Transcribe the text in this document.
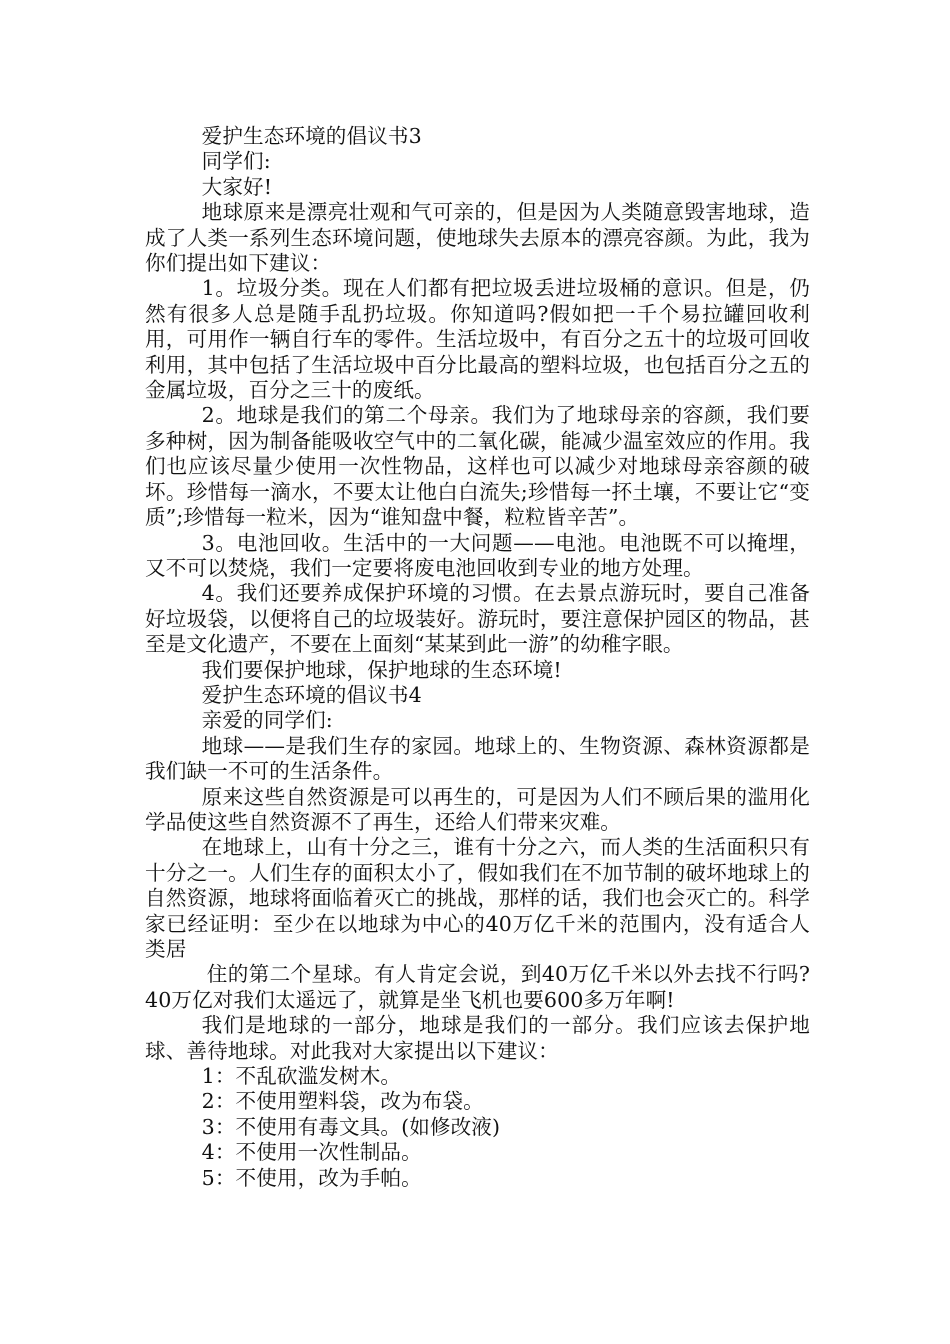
爱护生态环境的倡议书3

同学们:

大家好!

地球原来是漂亮壮观和气可亲的，但是因为人类随意毁害地球，造成了人类一系列生态环境问题，使地球失去原本的漂亮容颜。为此，我为你们提出如下建议：

1。垃圾分类。现在人们都有把垃圾丢进垃圾桶的意识。但是，仍然有很多人总是随手乱扔垃圾。你知道吗?假如把一千个易拉罐回收利用，可用作一辆自行车的零件。生活垃圾中，有百分之五十的垃圾可回收利用，其中包括了生活垃圾中百分比最高的塑料垃圾，也包括百分之五的金属垃圾，百分之三十的废纸。

2。地球是我们的第二个母亲。我们为了地球母亲的容颜，我们要多种树，因为制备能吸收空气中的二氧化碳，能减少温室效应的作用。我们也应该尽量少使用一次性物品，这样也可以减少对地球母亲容颜的破坏。珍惜每一滴水，不要太让他白白流失;珍惜每一抔土壤，不要让它“变质”;珍惜每一粒米，因为“谁知盘中餐，粒粒皆辛苦”。

3。电池回收。生活中的一大问题——电池。电池既不可以掩埋，又不可以焚烧，我们一定要将废电池回收到专业的地方处理。

4。我们还要养成保护环境的习惯。在去景点游玩时，要自己准备好垃圾袋，以便将自己的垃圾装好。游玩时，要注意保护园区的物品，甚至是文化遗产，不要在上面刻“某某到此一游”的幼稚字眼。

我们要保护地球，保护地球的生态环境!

爱护生态环境的倡议书4

亲爱的同学们:

地球——是我们生存的家园。地球上的、生物资源、森林资源都是我们缺一不可的生活条件。

原来这些自然资源是可以再生的，可是因为人们不顾后果的滥用化学品使这些自然资源不了再生，还给人们带来灾难。

在地球上，山有十分之三，谁有十分之六，而人类的生活面积只有十分之一。人们生存的面积太小了，假如我们在不加节制的破坏地球上的自然资源，地球将面临着灭亡的挑战，那样的话，我们也会灭亡的。科学家已经证明：至少在以地球为中心的40万亿千米的范围内，没有适合人类居

住的第二个星球。有人肯定会说，到40万亿千米以外去找不行吗?40万亿对我们太遥远了，就算是坐飞机也要600多万年啊!

我们是地球的一部分，地球是我们的一部分。我们应该去保护地球、善待地球。对此我对大家提出以下建议：

1：不乱砍滥发树木。

2：不使用塑料袋，改为布袋。

3：不使用有毒文具。(如修改液)

4：不使用一次性制品。

5：不使用，改为手帕。
